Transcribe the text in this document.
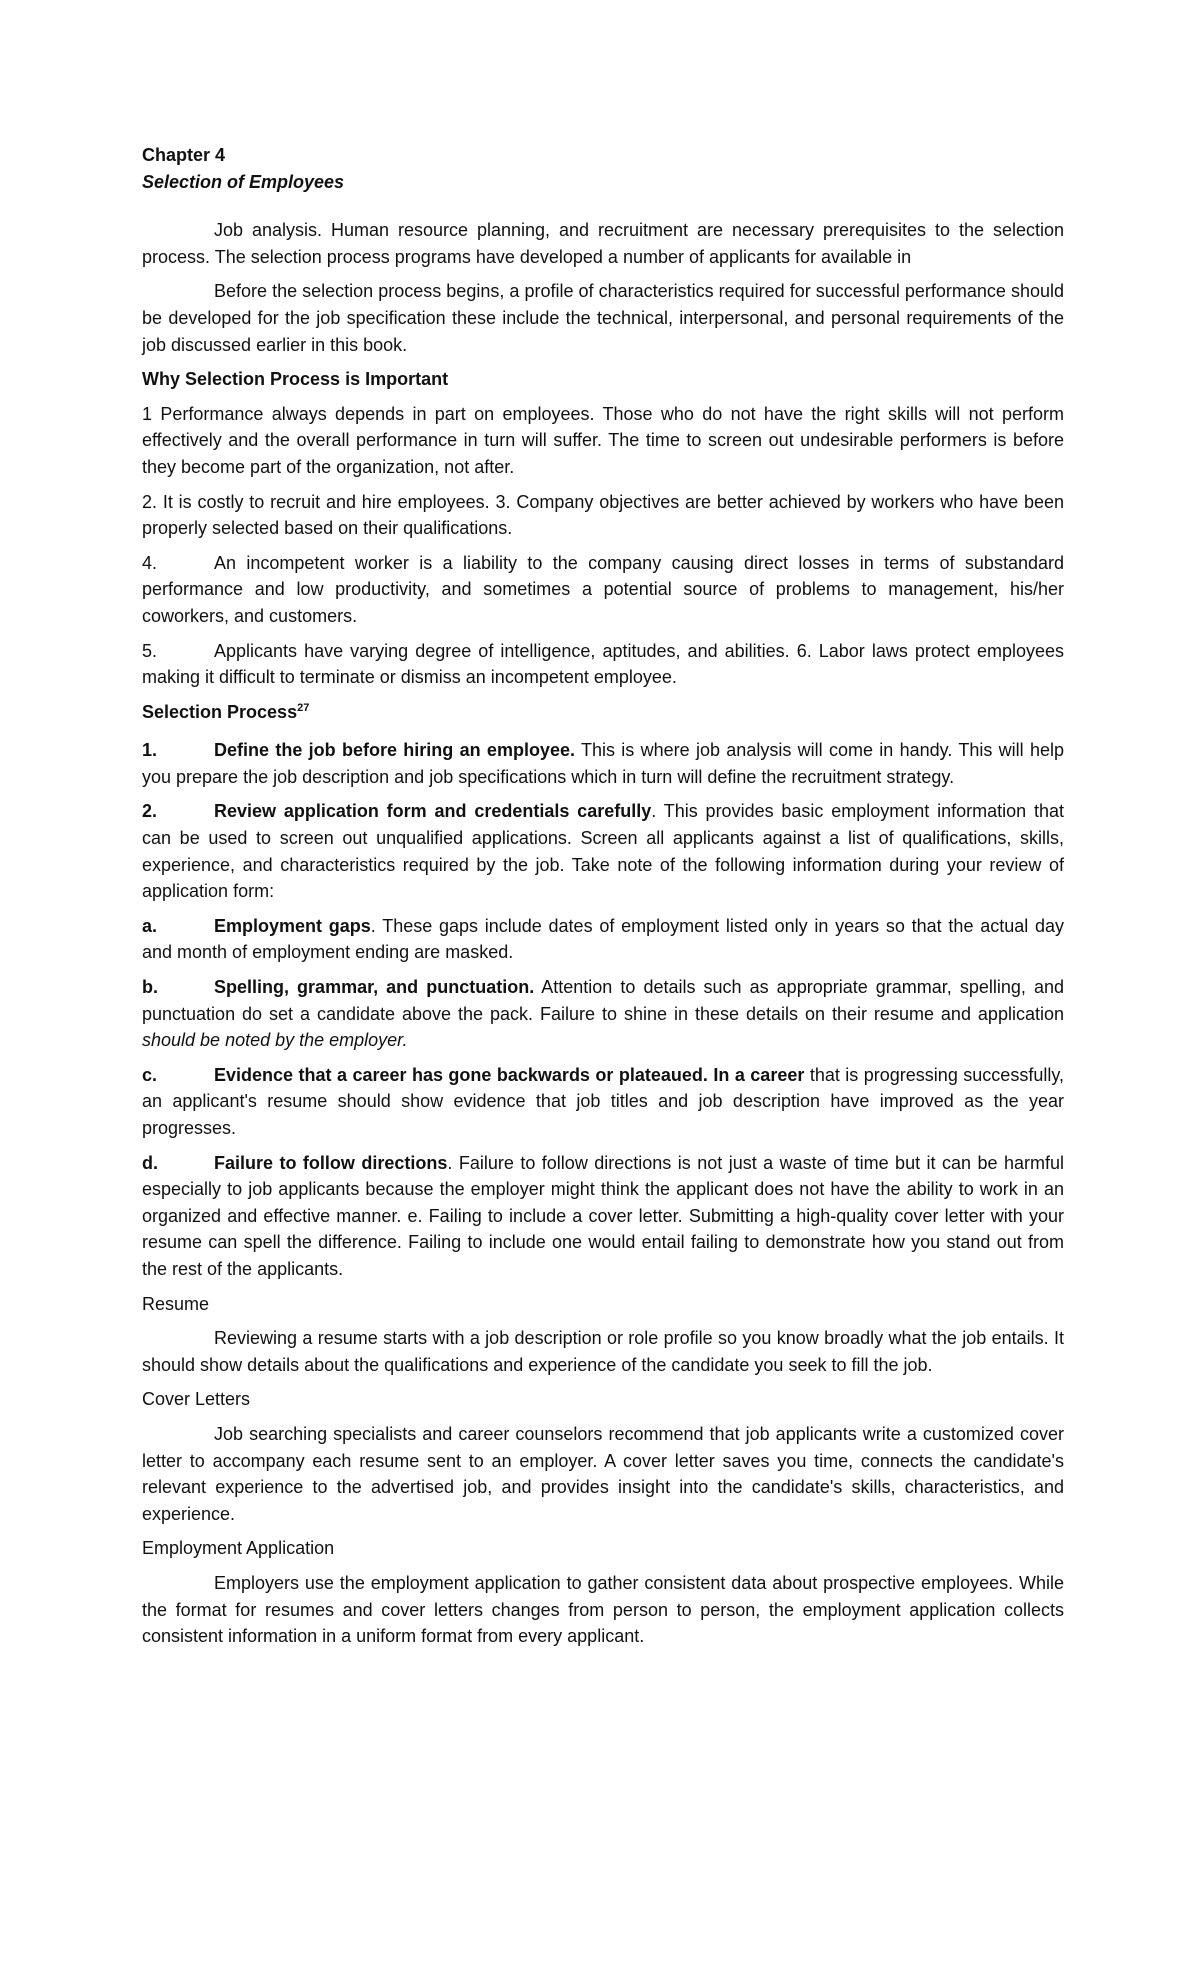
Chapter 4
Selection of Employees

Job analysis. Human resource planning, and recruitment are necessary prerequisites to the selection process. The selection process programs have developed a number of applicants for available in

Before the selection process begins, a profile of characteristics required for successful performance should be developed for the job specification these include the technical, interpersonal, and personal requirements of the job discussed earlier in this book.

Why Selection Process is Important

1 Performance always depends in part on employees. Those who do not have the right skills will not perform effectively and the overall performance in turn will suffer. The time to screen out undesirable performers is before they become part of the organization, not after.

2. It is costly to recruit and hire employees. 3. Company objectives are better achieved by workers who have been properly selected based on their qualifications.

4.	An incompetent worker is a liability to the company causing direct losses in terms of substandard performance and low productivity, and sometimes a potential source of problems to management, his/her coworkers, and customers.

5.	Applicants have varying degree of intelligence, aptitudes, and abilities. 6. Labor laws protect employees making it difficult to terminate or dismiss an incompetent employee.

Selection Process$^{27}$

1.	Define the job before hiring an employee. This is where job analysis will come in handy. This will help you prepare the job description and job specifications which in turn will define the recruitment strategy.

2.	Review application form and credentials carefully. This provides basic employment information that can be used to screen out unqualified applications. Screen all applicants against a list of qualifications, skills, experience, and characteristics required by the job. Take note of the following information during your review of application form:

a.	Employment gaps. These gaps include dates of employment listed only in years so that the actual day and month of employment ending are masked.

b.	Spelling, grammar, and punctuation. Attention to details such as appropriate grammar, spelling, and punctuation do set a candidate above the pack. Failure to shine in these details on their resume and application should be noted by the employer.

c.	Evidence that a career has gone backwards or plateaued. In a career that is progressing successfully, an applicant's resume should show evidence that job titles and job description have improved as the year progresses.

d.	Failure to follow directions. Failure to follow directions is not just a waste of time but it can be harmful especially to job applicants because the employer might think the applicant does not have the ability to work in an organized and effective manner. e. Failing to include a cover letter. Submitting a high-quality cover letter with your resume can spell the difference. Failing to include one would entail failing to demonstrate how you stand out from the rest of the applicants.

Resume

Reviewing a resume starts with a job description or role profile so you know broadly what the job entails. It should show details about the qualifications and experience of the candidate you seek to fill the job.

Cover Letters

Job searching specialists and career counselors recommend that job applicants write a customized cover letter to accompany each resume sent to an employer. A cover letter saves you time, connects the candidate's relevant experience to the advertised job, and provides insight into the candidate's skills, characteristics, and experience.

Employment Application

Employers use the employment application to gather consistent data about prospective employees. While the format for resumes and cover letters changes from person to person, the employment application collects consistent information in a uniform format from every applicant.
